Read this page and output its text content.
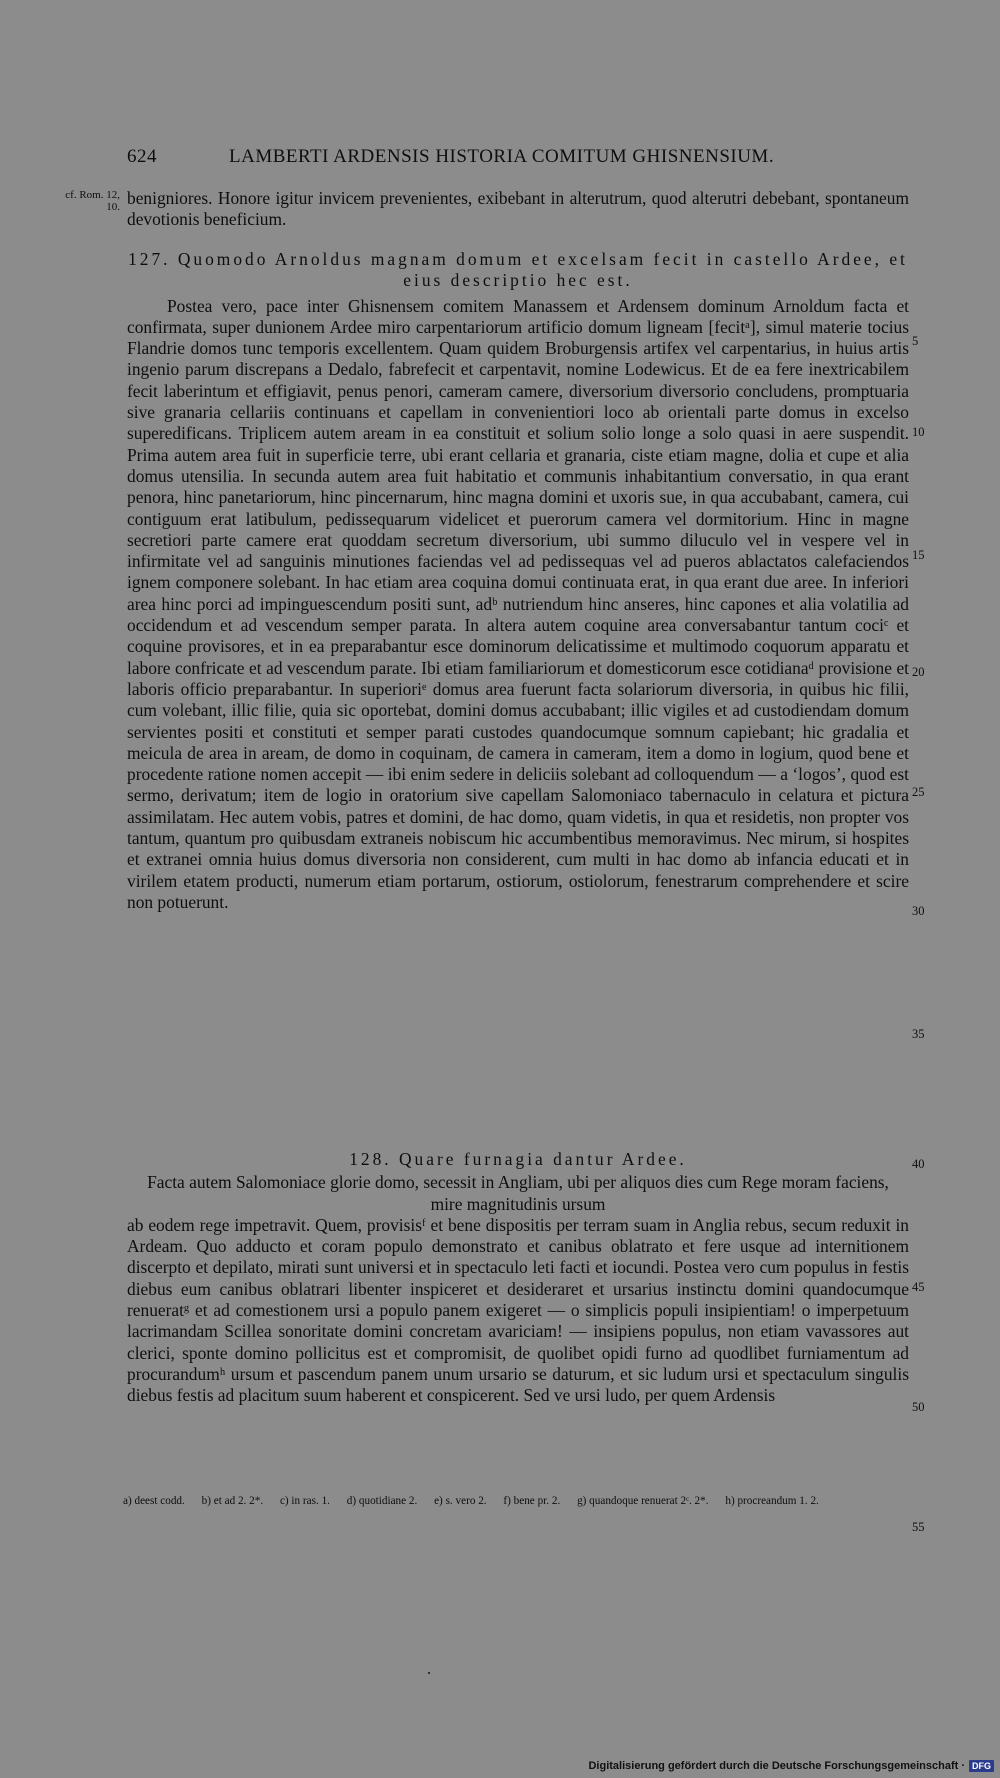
624	LAMBERTI ARDENSIS HISTORIA COMITUM GHISNENSIUM.
cf. Rom. 12,
10. benigniores. Honore igitur invicem prevenientes, exibebant in alterutrum, quod alterutri debebant, spontaneum devotionis beneficium.

127. Quomodo Arnoldus magnam domum et excelsam fecit in castello Ardee, et eius descriptio hec est.

Postea vero, pace inter Ghisnensem comitem Manassem et Ardensem dominum Arnoldum facta et confirmata, super dunionem Ardee miro carpentariorum artificio domum ligneam [fecitᵃ], simul materie tocius Flandrie domos tunc temporis excellentem. Quam quidem Broburgensis artifex vel carpentarius, in huius artis ingenio parum discrepans a Dedalo, fabrefecit et carpentavit, nomine Lodewicus. Et de ea fere inextricabilem fecit laberintum et effigiavit, penus penori, cameram camere, diversorium diversorio concludens, promptuaria sive granaria cellariis continuans et capellam in convenientiori loco ab orientali parte domus in excelso superedificans. Triplicem autem aream in ea constituit et solium solio longe a solo quasi in aere suspendit. Prima autem area fuit in superficie terre, ubi erant cellaria et granaria, ciste etiam magne, dolia et cupe et alia domus utensilia. In secunda autem area fuit habitatio et communis inhabitantium conversatio, in qua erant penora, hinc panetariorum, hinc pincernarum, hinc magna domini et uxoris sue, in qua accubabant, camera, cui contiguum erat latibulum, pedissequarum videlicet et puerorum camera vel dormitorium. Hinc in magne secretiori parte camere erat quoddam secretum diversorium, ubi summo diluculo vel in vespere vel in infirmitate vel ad sanguinis minutiones faciendas vel ad pedissequas vel ad pueros ablactatos calefaciendos ignem componere solebant. In hac etiam area coquina domui continuata erat, in qua erant due aree. In inferiori area hinc porci ad impinguescendum positi sunt, adᵇ nutriendum hinc anseres, hinc capones et alia volatilia ad occidendum et ad vescendum semper parata. In altera autem coquine area conversabantur tantum cociᶜ et coquine provisores, et in ea preparabantur esce dominorum delicatissime et multimodo coquorum apparatu et labore confricate et ad vescendum parate. Ibi etiam familiariorum et domesticorum esce cotidianaᵈ provisione et laboris officio preparabantur. In superioriᵉ domus area fuerunt facta solariorum diversoria, in quibus hic filii, cum volebant, illic filie, quia sic oportebat, domini domus accubabant; illic vigiles et ad custodiendam domum servientes positi et constituti et semper parati custodes quandocumque somnum capiebant; hic gradalia et meicula de area in aream, de domo in coquinam, de camera in cameram, item a domo in logium, quod bene et procedente ratione nomen accepit — ibi enim sedere in deliciis solebant ad colloquendum — a ‘logos’, quod est sermo, derivatum; item de logio in oratorium sive capellam Salomoniaco tabernaculo in celatura et pictura assimilatam. Hec autem vobis, patres et domini, de hac domo, quam videtis, in qua et residetis, non propter vos tantum, quantum pro quibusdam extraneis nobiscum hic accumbentibus memoravimus. Nec mirum, si hospites et extranei omnia huius domus diversoria non considerent, cum multi in hac domo ab infancia educati et in virilem etatem producti, numerum etiam portarum, ostiorum, ostiolorum, fenestrarum comprehendere et scire non potuerunt.

128. Quare furnagia dantur Ardee.
Facta autem Salomoniace glorie domo, secessit in Angliam, ubi per aliquos dies cum Rege moram faciens, mire magnitudinis ursum

ab eodem rege impetravit. Quem, provisisᶠ et bene dispositis per terram suam in Anglia rebus, secum reduxit in Ardeam. Quo adducto et coram populo demonstrato et canibus oblatrato et fere usque ad internitionem discerpto et depilato, mirati sunt universi et in spectaculo leti facti et iocundi. Postea vero cum populus in festis diebus eum canibus oblatrari libenter inspiceret et desideraret et ursarius instinctu domini quandocumque renueratᵍ et ad comestionem ursi a populo panem exigeret — o simplicis populi insipientiam! o imperpetuum lacrimandam Scillea sonoritate domini concretam avariciam! — insipiens populus, non etiam vavassores aut clerici, sponte domino pollicitus est et compromisit, de quolibet opidi furno ad quodlibet furniamentum ad procurandumʰ ursum et pascendum panem unum ursario se daturum, et sic ludum ursi et spectaculum singulis diebus festis ad placitum suum haberent et conspicerent. Sed ve ursi ludo, per quem Ardensis

5
10
15
20
25
30
35
40
45
50
55
a) deest codd. b) et ad 2. 2*. c) in ras. 1. d) quotidiane 2. e) s. vero 2. f) bene pr. 2. g) quandoque renuerat 2ᶜ. 2*. h) procreandum 1. 2.
Digitalisierung gefördert durch die Deutsche Forschungsgemeinschaft · DFG
